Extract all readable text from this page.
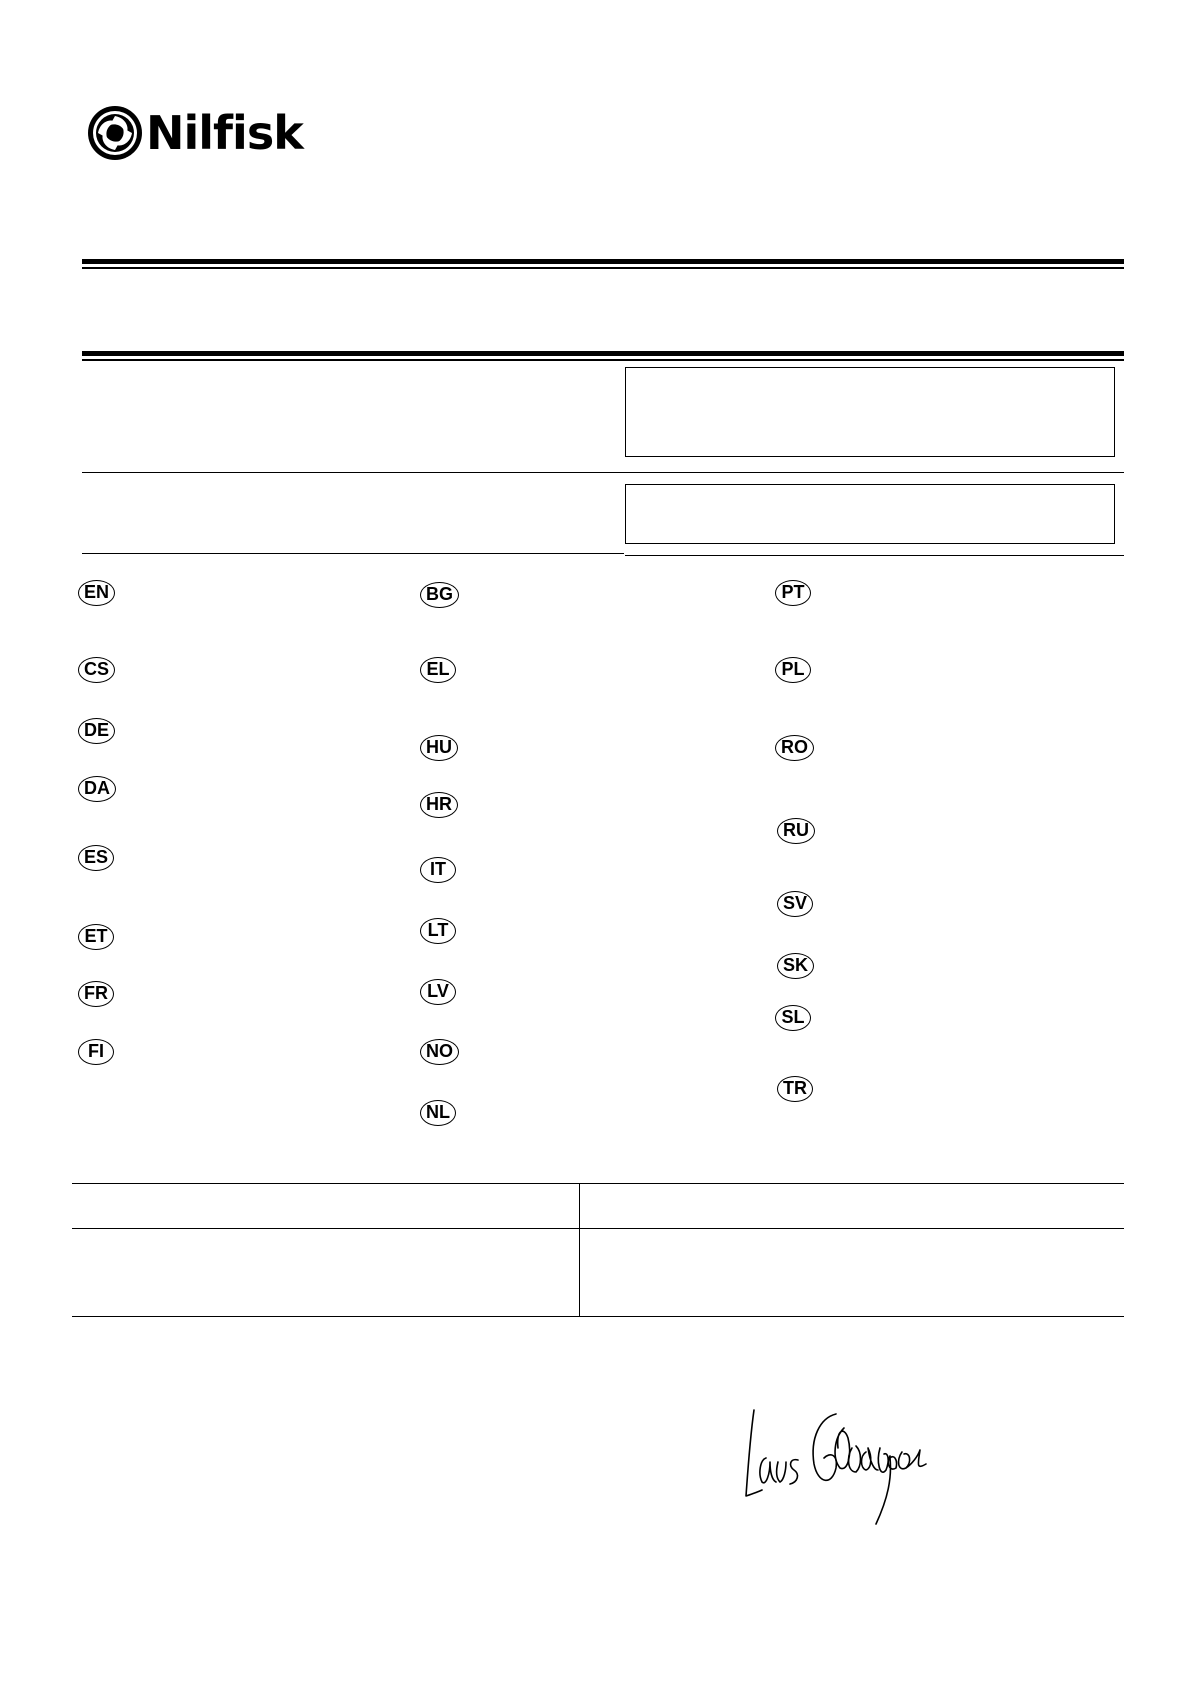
Nilfisk
EN
CS
DE
DA
ES
ET
FR
FI
BG
EL
HU
HR
IT
LT
LV
NO
NL
PT
PL
RO
RU
SV
SK
SL
TR
